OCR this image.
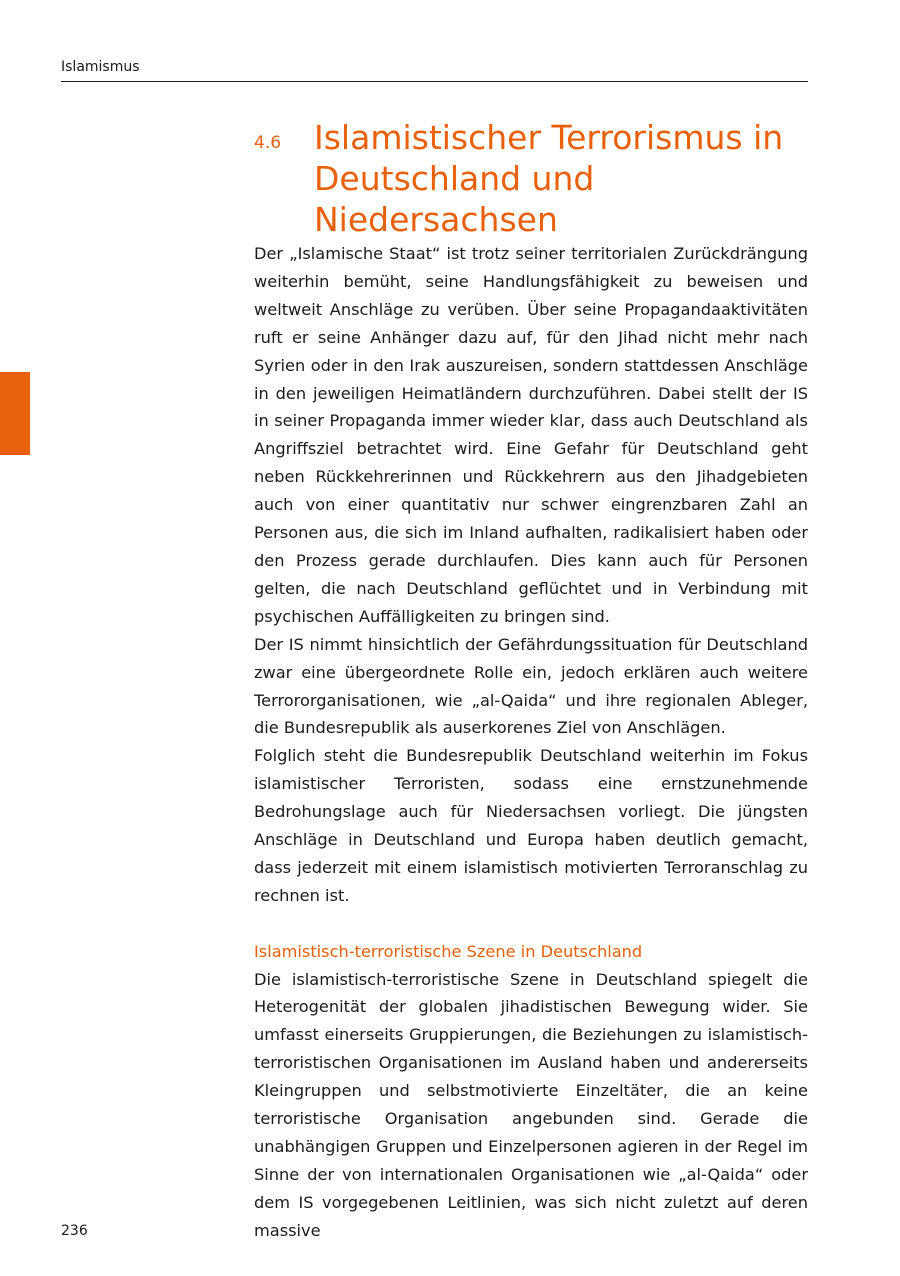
Islamismus
4.6 Islamistischer Terrorismus in Deutschland und Niedersachsen

Der „Islamische Staat“ ist trotz seiner territorialen Zurückdrängung weiterhin bemüht, seine Handlungsfähigkeit zu beweisen und weltweit Anschläge zu verüben. Über seine Propagandaaktivitäten ruft er seine Anhänger dazu auf, für den Jihad nicht mehr nach Syrien oder in den Irak auszureisen, sondern stattdessen Anschläge in den jeweiligen Heimatländern durchzuführen. Dabei stellt der IS in seiner Propaganda immer wieder klar, dass auch Deutschland als Angriffsziel betrachtet wird. Eine Gefahr für Deutschland geht neben Rückkehrerinnen und Rückkehrern aus den Jihadgebieten auch von einer quantitativ nur schwer eingrenzbaren Zahl an Personen aus, die sich im Inland aufhalten, radikalisiert haben oder den Prozess gerade durchlaufen. Dies kann auch für Personen gelten, die nach Deutschland geflüchtet und in Verbindung mit psychischen Auffälligkeiten zu bringen sind.

Der IS nimmt hinsichtlich der Gefährdungssituation für Deutschland zwar eine übergeordnete Rolle ein, jedoch erklären auch weitere Terrororganisationen, wie „al-Qaida“ und ihre regionalen Ableger, die Bundesrepublik als auserkorenes Ziel von Anschlägen.

Folglich steht die Bundesrepublik Deutschland weiterhin im Fokus islamistischer Terroristen, sodass eine ernstzunehmende Bedrohungslage auch für Niedersachsen vorliegt. Die jüngsten Anschläge in Deutschland und Europa haben deutlich gemacht, dass jederzeit mit einem islamistisch motivierten Terroranschlag zu rechnen ist.

Islamistisch-terroristische Szene in Deutschland

Die islamistisch-terroristische Szene in Deutschland spiegelt die Heterogenität der globalen jihadistischen Bewegung wider. Sie umfasst einerseits Gruppierungen, die Beziehungen zu islamistisch-terroristischen Organisationen im Ausland haben und andererseits Kleingruppen und selbstmotivierte Einzeltäter, die an keine terroristische Organisation angebunden sind. Gerade die unabhängigen Gruppen und Einzelpersonen agieren in der Regel im Sinne der von internationalen Organisationen wie „al-Qaida“ oder dem IS vorgegebenen Leitlinien, was sich nicht zuletzt auf deren massive

236
